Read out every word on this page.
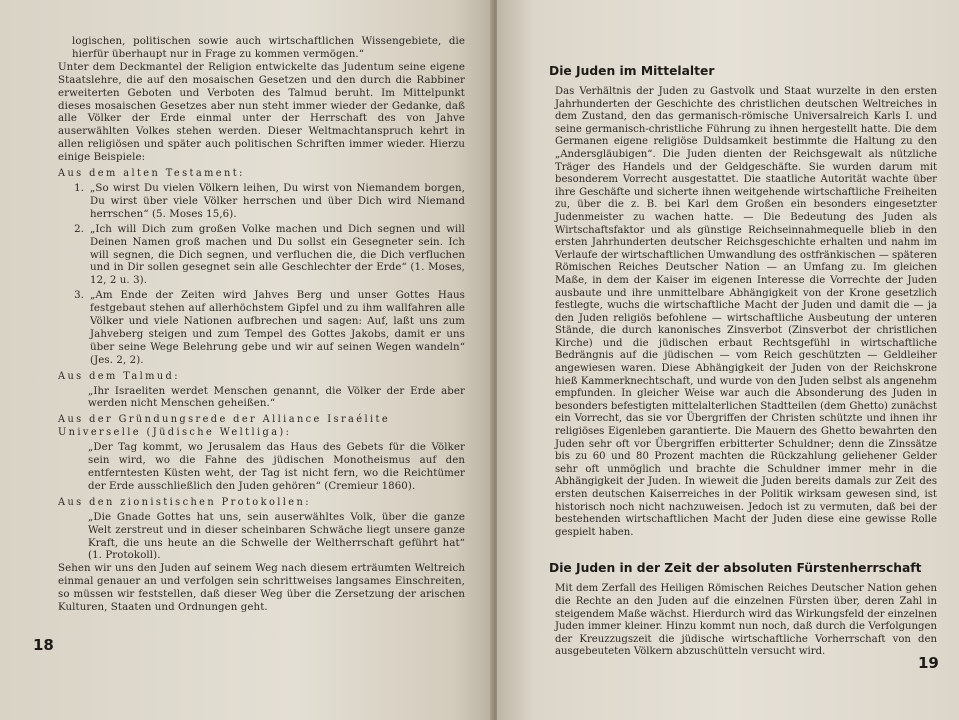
logischen, politischen sowie auch wirtschaftlichen Wissengebiete, die hierfür überhaupt nur in Frage zu kommen vermögen.“

Unter dem Deckmantel der Religion entwickelte das Judentum seine eigene Staatslehre, die auf den mosaischen Gesetzen und den durch die Rabbiner erweiterten Geboten und Verboten des Talmud beruht. Im Mittelpunkt dieses mosaischen Gesetzes aber nun steht immer wieder der Gedanke, daß alle Völker der Erde einmal unter der Herrschaft des von Jahve auserwählten Volkes stehen werden. Dieser Weltmachtanspruch kehrt in allen religiösen und später auch politischen Schriften immer wieder. Hierzu einige Beispiele:

Aus dem alten Testament:
1. „So wirst Du vielen Völkern leihen, Du wirst von Niemandem borgen, Du wirst über viele Völker herrschen und über Dich wird Niemand herrschen“ (5. Moses 15,6).
2. „Ich will Dich zum großen Volke machen und Dich segnen und will Deinen Namen groß machen und Du sollst ein Gesegneter sein. Ich will segnen, die Dich segnen, und verfluchen die, die Dich verfluchen und in Dir sollen gesegnet sein alle Geschlechter der Erde“ (1. Moses, 12, 2 u. 3).
3. „Am Ende der Zeiten wird Jahves Berg und unser Gottes Haus festgebaut stehen auf allerhöchstem Gipfel und zu ihm wallfahren alle Völker und viele Nationen aufbrechen und sagen: Auf, laßt uns zum Jahveberg steigen und zum Tempel des Gottes Jakobs, damit er uns über seine Wege Belehrung gebe und wir auf seinen Wegen wandeln“ (Jes. 2, 2).
Aus dem Talmud:

„Ihr Israeliten werdet Menschen genannt, die Völker der Erde aber werden nicht Menschen geheißen.“

Aus der Gründungsrede der Alliance Israélite Universelle (Jüdische Weltliga):

„Der Tag kommt, wo Jerusalem das Haus des Gebets für die Völker sein wird, wo die Fahne des jüdischen Monotheismus auf den entferntesten Küsten weht, der Tag ist nicht fern, wo die Reichtümer der Erde ausschließlich den Juden gehören“ (Cremieur 1860).

Aus den zionistischen Protokollen:

„Die Gnade Gottes hat uns, sein auserwähltes Volk, über die ganze Welt zerstreut und in dieser scheinbaren Schwäche liegt unsere ganze Kraft, die uns heute an die Schwelle der Weltherrschaft geführt hat“ (1. Protokoll).

Sehen wir uns den Juden auf seinem Weg nach diesem erträumten Weltreich einmal genauer an und verfolgen sein schrittweises langsames Einschreiten, so müssen wir feststellen, daß dieser Weg über die Zersetzung der arischen Kulturen, Staaten und Ordnungen geht.

Die Juden im Mittelalter

Das Verhältnis der Juden zu Gastvolk und Staat wurzelte in den ersten Jahrhunderten der Geschichte des christlichen deutschen Weltreiches in dem Zustand, den das germanisch-römische Universalreich Karls I. und seine germanisch-christliche Führung zu ihnen hergestellt hatte. Die dem Germanen eigene religiöse Duldsamkeit bestimmte die Haltung zu den „Andersgläubigen“. Die Juden dienten der Reichsgewalt als nützliche Träger des Handels und der Geldgeschäfte. Sie wurden darum mit besonderem Vorrecht ausgestattet. Die staatliche Autorität wachte über ihre Geschäfte und sicherte ihnen weitgehende wirtschaftliche Freiheiten zu, über die z. B. bei Karl dem Großen ein besonders eingesetzter Judenmeister zu wachen hatte. — Die Bedeutung des Juden als Wirtschaftsfaktor und als günstige Reichseinnahmequelle blieb in den ersten Jahrhunderten deutscher Reichsgeschichte erhalten und nahm im Verlaufe der wirtschaftlichen Umwandlung des ostfränkischen — späteren Römischen Reiches Deutscher Nation — an Umfang zu. Im gleichen Maße, in dem der Kaiser im eigenen Interesse die Vorrechte der Juden ausbaute und ihre unmittelbare Abhängigkeit von der Krone gesetzlich festlegte, wuchs die wirtschaftliche Macht der Juden und damit die — ja den Juden religiös befohlene — wirtschaftliche Ausbeutung der unteren Stände, die durch kanonisches Zinsverbot (Zinsverbot der christlichen Kirche) und die jüdischen erbaut Rechtsgefühl in wirtschaftliche Bedrängnis auf die jüdischen — vom Reich geschützten — Geldleiher angewiesen waren. Diese Abhängigkeit der Juden von der Reichskrone hieß Kammerknechtschaft, und wurde von den Juden selbst als angenehm empfunden. In gleicher Weise war auch die Absonderung des Juden in besonders befestigten mittelalterlichen Stadtteilen (dem Ghetto) zunächst ein Vorrecht, das sie vor Übergriffen der Christen schützte und ihnen ihr religiöses Eigenleben garantierte. Die Mauern des Ghetto bewahrten den Juden sehr oft vor Übergriffen erbitterter Schuldner; denn die Zinssätze bis zu 60 und 80 Prozent machten die Rückzahlung geliehener Gelder sehr oft unmöglich und brachte die Schuldner immer mehr in die Abhängigkeit der Juden. In wieweit die Juden bereits damals zur Zeit des ersten deutschen Kaiserreiches in der Politik wirksam gewesen sind, ist historisch noch nicht nachzuweisen. Jedoch ist zu vermuten, daß bei der bestehenden wirtschaftlichen Macht der Juden diese eine gewisse Rolle gespielt haben.

Die Juden in der Zeit der absoluten Fürstenherrschaft

Mit dem Zerfall des Heiligen Römischen Reiches Deutscher Nation gehen die Rechte an den Juden auf die einzelnen Fürsten über, deren Zahl in steigendem Maße wächst. Hierdurch wird das Wirkungsfeld der einzelnen Juden immer kleiner. Hinzu kommt nun noch, daß durch die Verfolgungen der Kreuzzugszeit die jüdische wirtschaftliche Vorherrschaft von den ausgebeuteten Völkern abzuschütteln versucht wird.

18
19
